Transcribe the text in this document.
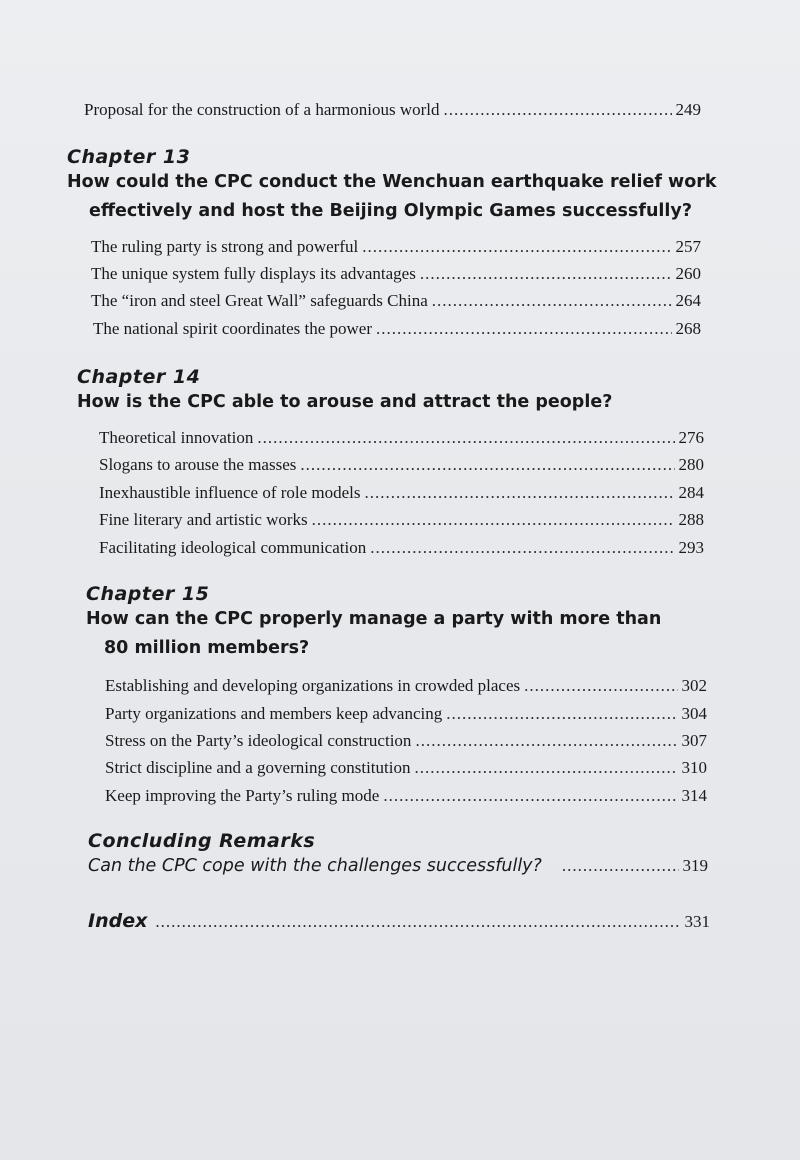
Proposal for the construction of a harmonious world .....	249
Chapter 13
How could the CPC conduct the Wenchuan earthquake relief work
effectively and host the Beijing Olympic Games successfully?
The ruling party is strong and powerful .....	257
The unique system fully displays its advantages .....	260
The “iron and steel Great Wall” safeguards China .....	264
The national spirit coordinates the power .....	268
Chapter 14
How is the CPC able to arouse and attract the people?
Theoretical innovation .....	276
Slogans to arouse the masses .....	280
Inexhaustible influence of role models .....	284
Fine literary and artistic works .....	288
Facilitating ideological communication .....	293
Chapter 15
How can the CPC properly manage a party with more than
80 million members?
Establishing and developing organizations in crowded places .....	302
Party organizations and members keep advancing .....	304
Stress on the Party’s ideological construction .....	307
Strict discipline and a governing constitution .....	310
Keep improving the Party’s ruling mode .....	314
Concluding Remarks
Can the CPC cope with the challenges successfully? .....	319
Index .....	331
